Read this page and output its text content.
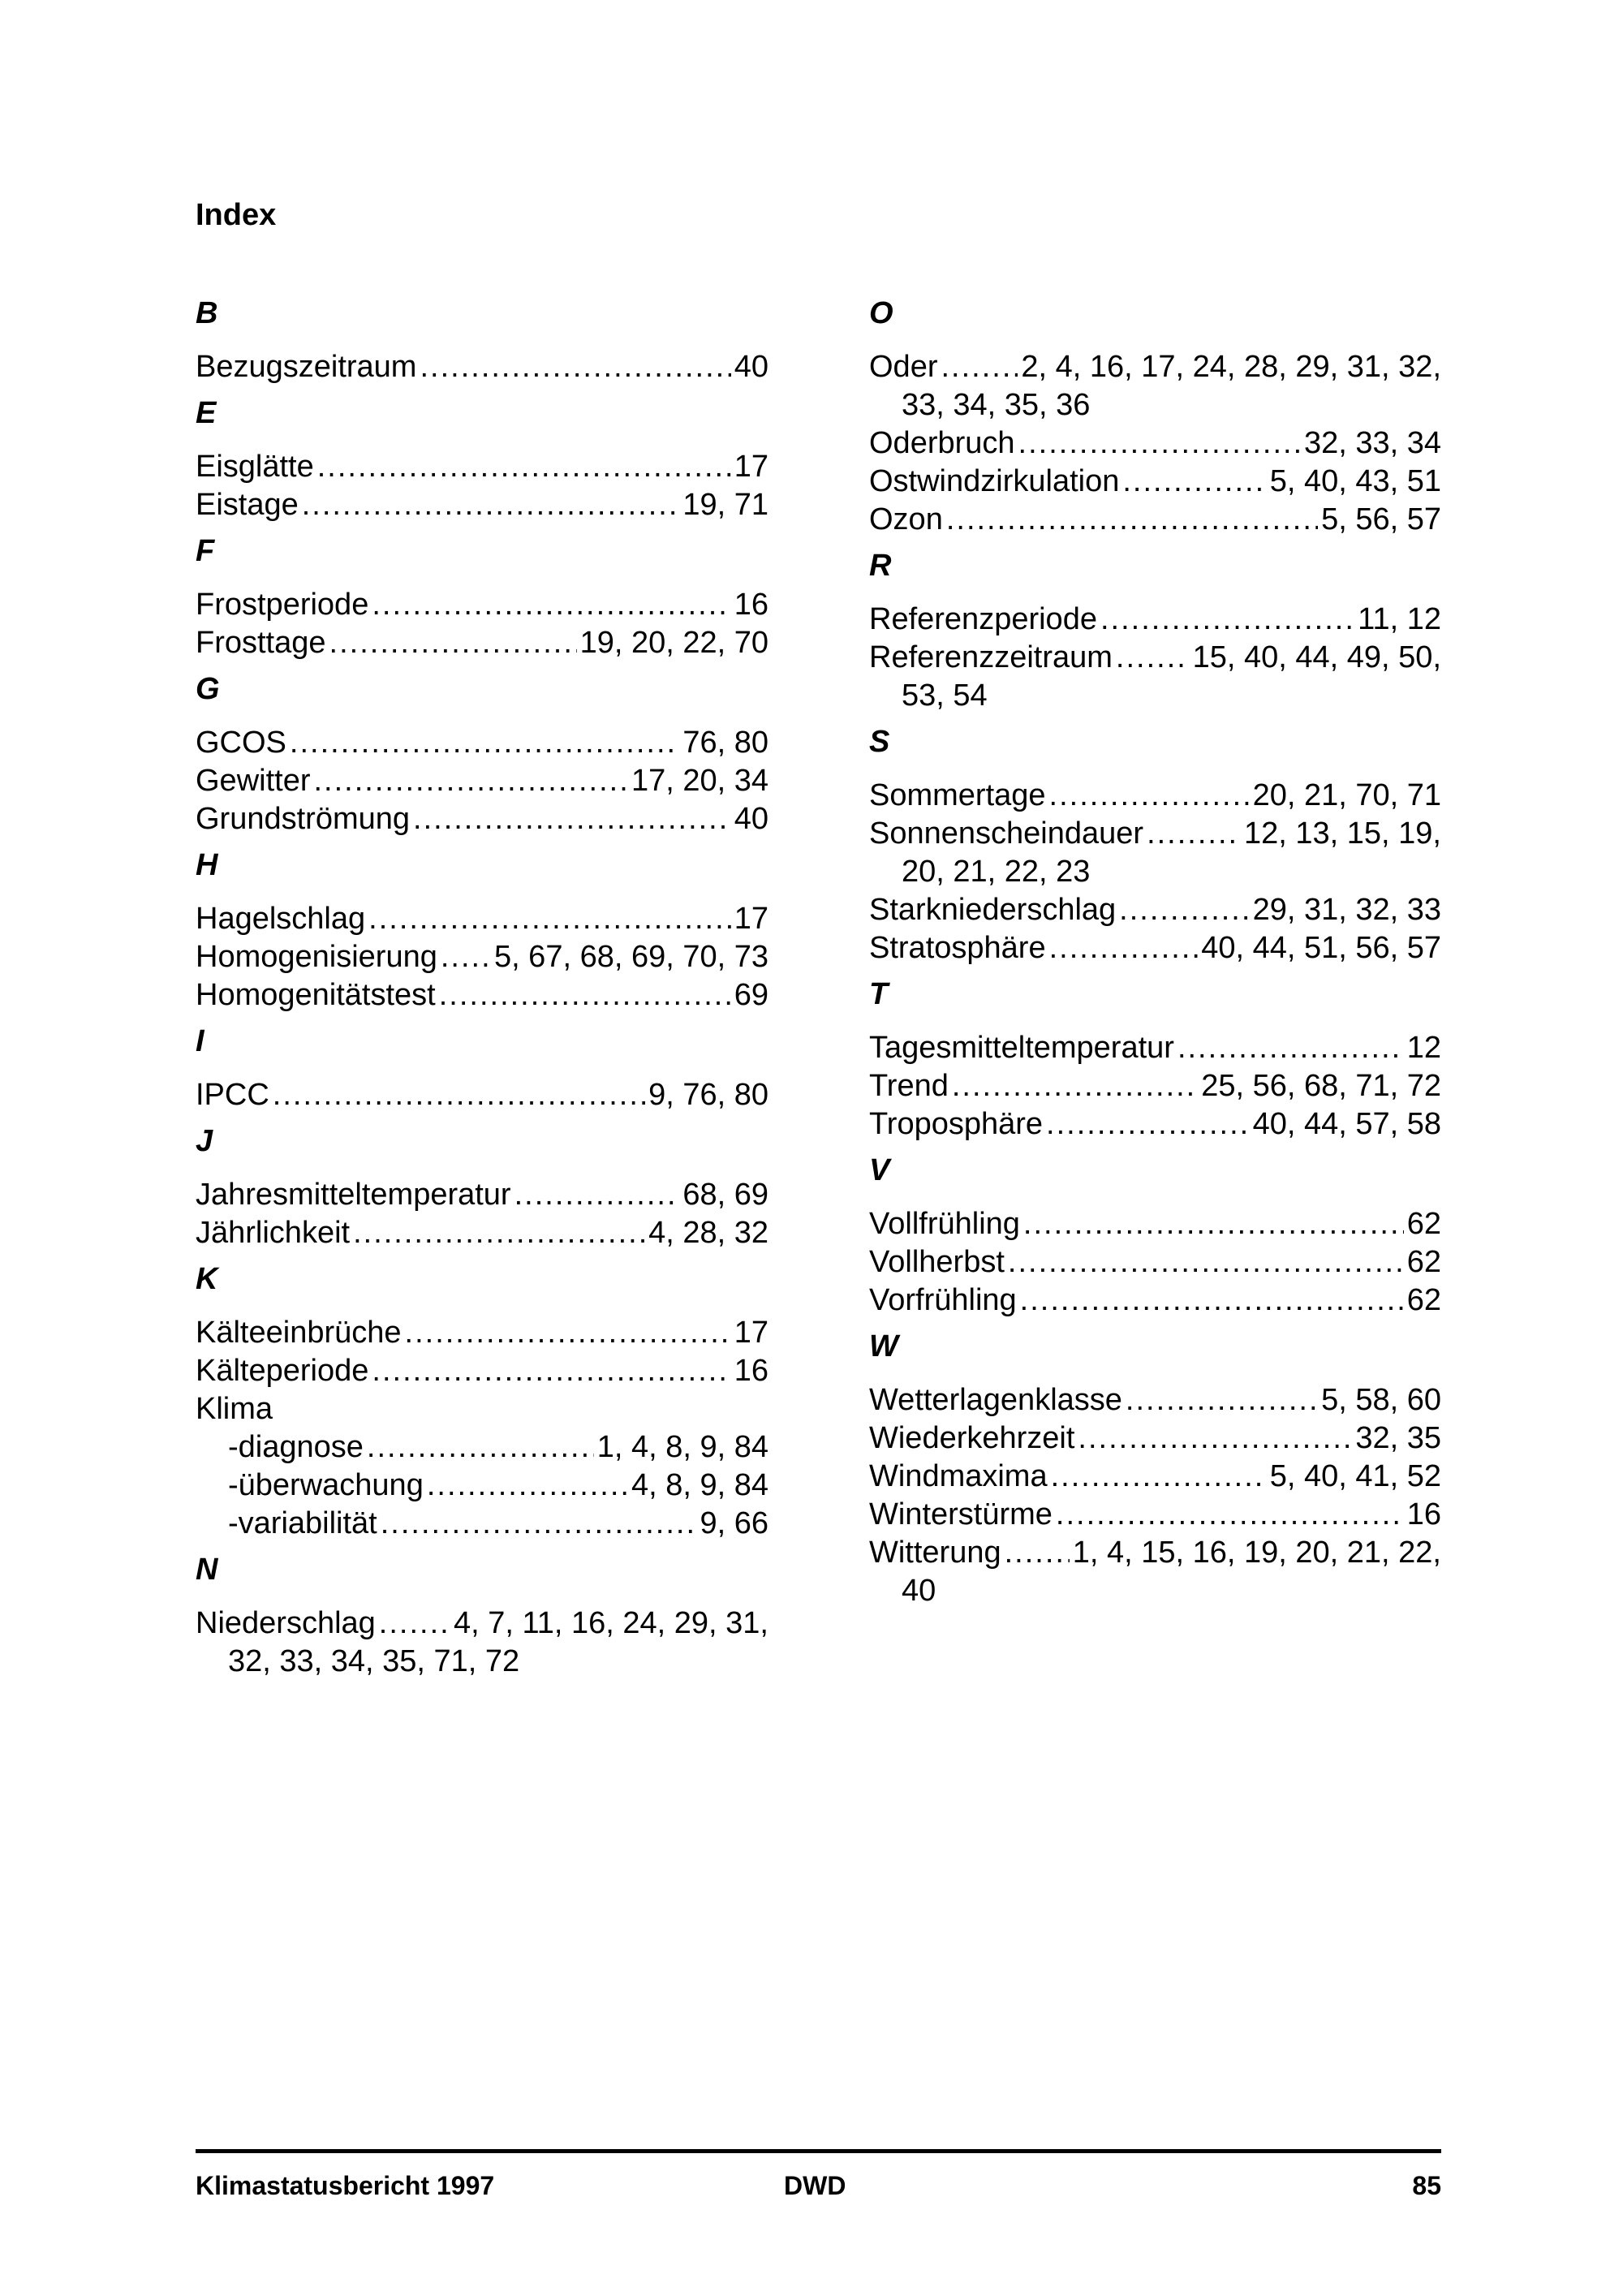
Index
B
Bezugszeitraum .....	40
E
Eisglätte .....	17
Eistage .....	19, 71
F
Frostperiode .....	16
Frosttage .....	19, 20, 22, 70
G
GCOS .....	76, 80
Gewitter .....	17, 20, 34
Grundströmung .....	40
H
Hagelschlag .....	17
Homogenisierung ..... 5, 67, 68, 69, 70, 73
Homogenitätstest .....	69
I
IPCC .....	9, 76, 80
J
Jahresmitteltemperatur .....	68, 69
Jährlichkeit .....	4, 28, 32
K
Kälteeinbrüche .....	17
Kälteperiode .....	16
Klima
-diagnose .....	1, 4, 8, 9, 84
-überwachung .....	4, 8, 9, 84
-variabilität .....	9, 66
N
Niederschlag .....	4, 7, 11, 16, 24, 29, 31,
32, 33, 34, 35, 71, 72
O
Oder .....	2, 4, 16, 17, 24, 28, 29, 31, 32,
33, 34, 35, 36
Oderbruch .....	32, 33, 34
Ostwindzirkulation .....	5, 40, 43, 51
Ozon .....	5, 56, 57
R
Referenzperiode .....	11, 12
Referenzzeitraum .....	15, 40, 44, 49, 50,
53, 54
S
Sommertage .....	20, 21, 70, 71
Sonnenscheindauer .....	12, 13, 15, 19,
20, 21, 22, 23
Starkniederschlag .....	29, 31, 32, 33
Stratosphäre .....	40, 44, 51, 56, 57
T
Tagesmitteltemperatur .....	12
Trend .....	25, 56, 68, 71, 72
Troposphäre .....	40, 44, 57, 58
V
Vollfrühling .....	62
Vollherbst .....	62
Vorfrühling .....	62
W
Wetterlagenklasse .....	5, 58, 60
Wiederkehrzeit .....	32, 35
Windmaxima .....	5, 40, 41, 52
Winterstürme .....	16
Witterung ..... 1, 4, 15, 16, 19, 20, 21, 22,
40
Klimastatusbericht 1997	DWD	85
